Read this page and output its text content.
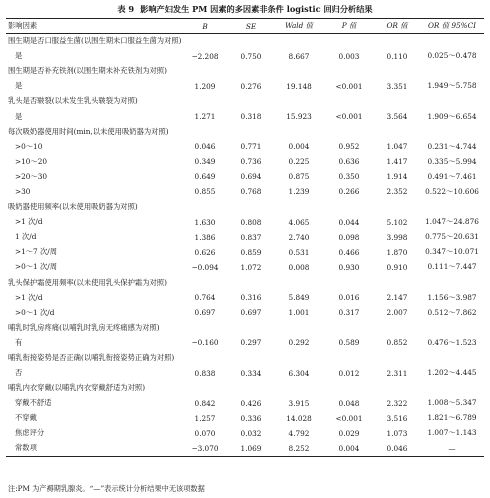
表 9 影响产妇发生 PM 因素的多因素非条件 logistic 回归分析结果
影响因素	B	SE	Wald 值	P 值	OR 值	OR 值 95%CI
围生期是否口服益生菌(以围生期未口服益生菌为对照)						
是	−2.208	0.750	8.667	0.003	0.110	0.025～0.478
围生期是否补充铁剂(以围生期未补充铁剂为对照)						
是	1.209	0.276	19.148	<0.001	3.351	1.949～5.758
乳头是否皲裂(以未发生乳头皲裂为对照)						
是	1.271	0.318	15.923	<0.001	3.564	1.909～6.654
每次吸奶器使用时间(min,以未使用吸奶器为对照)						
>0～10	0.046	0.771	0.004	0.952	1.047	0.231～4.744
>10～20	0.349	0.736	0.225	0.636	1.417	0.335～5.994
>20～30	0.649	0.694	0.875	0.350	1.914	0.491～7.461
>30	0.855	0.768	1.239	0.266	2.352	0.522～10.606
吸奶器使用频率(以未使用吸奶器为对照)						
>1 次/d	1.630	0.808	4.065	0.044	5.102	1.047～24.876
1 次/d	1.386	0.837	2.740	0.098	3.998	0.775～20.631
>1～7 次/周	0.626	0.859	0.531	0.466	1.870	0.347～10.071
>0～1 次/周	−0.094	1.072	0.008	0.930	0.910	0.111～7.447
乳头保护霜使用频率(以未使用乳头保护霜为对照)						
>1 次/d	0.764	0.316	5.849	0.016	2.147	1.156～3.987
>0～1 次/d	0.697	0.697	1.001	0.317	2.007	0.512～7.862
哺乳时乳房疼痛(以哺乳时乳房无疼痛感为对照)						
有	−0.160	0.297	0.292	0.589	0.852	0.476～1.523
哺乳衔接姿势是否正确(以哺乳衔接姿势正确为对照)						
否	0.838	0.334	6.304	0.012	2.311	1.202～4.445
哺乳内衣穿戴(以哺乳内衣穿戴舒适为对照)						
穿戴不舒适	0.842	0.426	3.915	0.048	2.322	1.008～5.347
不穿戴	1.257	0.336	14.028	<0.001	3.516	1.821～6.789
焦虑评分	0.070	0.032	4.792	0.029	1.073	1.007～1.143
常数项	−3.070	1.069	8.252	0.004	0.046	—
注:PM 为产褥期乳腺炎。“—”表示统计分析结果中无该项数据
